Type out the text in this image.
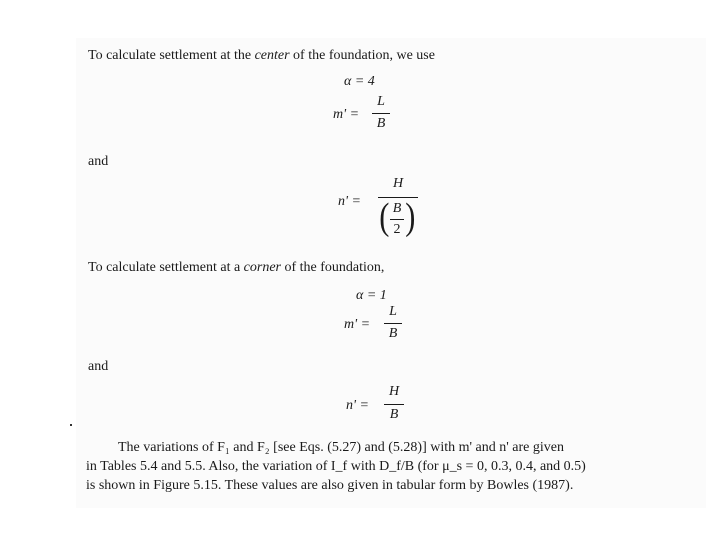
To calculate settlement at the center of the foundation, we use
α = 4
m' =
L
B
and
n' =
H
( B
2 )
To calculate settlement at a corner of the foundation,
α = 1
m' =
L
B
and
n' =
H
B
The variations of F₁ and F₂ [see Eqs. (5.27) and (5.28)] with m' and n' are given
in Tables 5.4 and 5.5. Also, the variation of I_f with D_f/B (for μ_s = 0, 0.3, 0.4, and 0.5)
is shown in Figure 5.15. These values are also given in tabular form by Bowles (1987).
